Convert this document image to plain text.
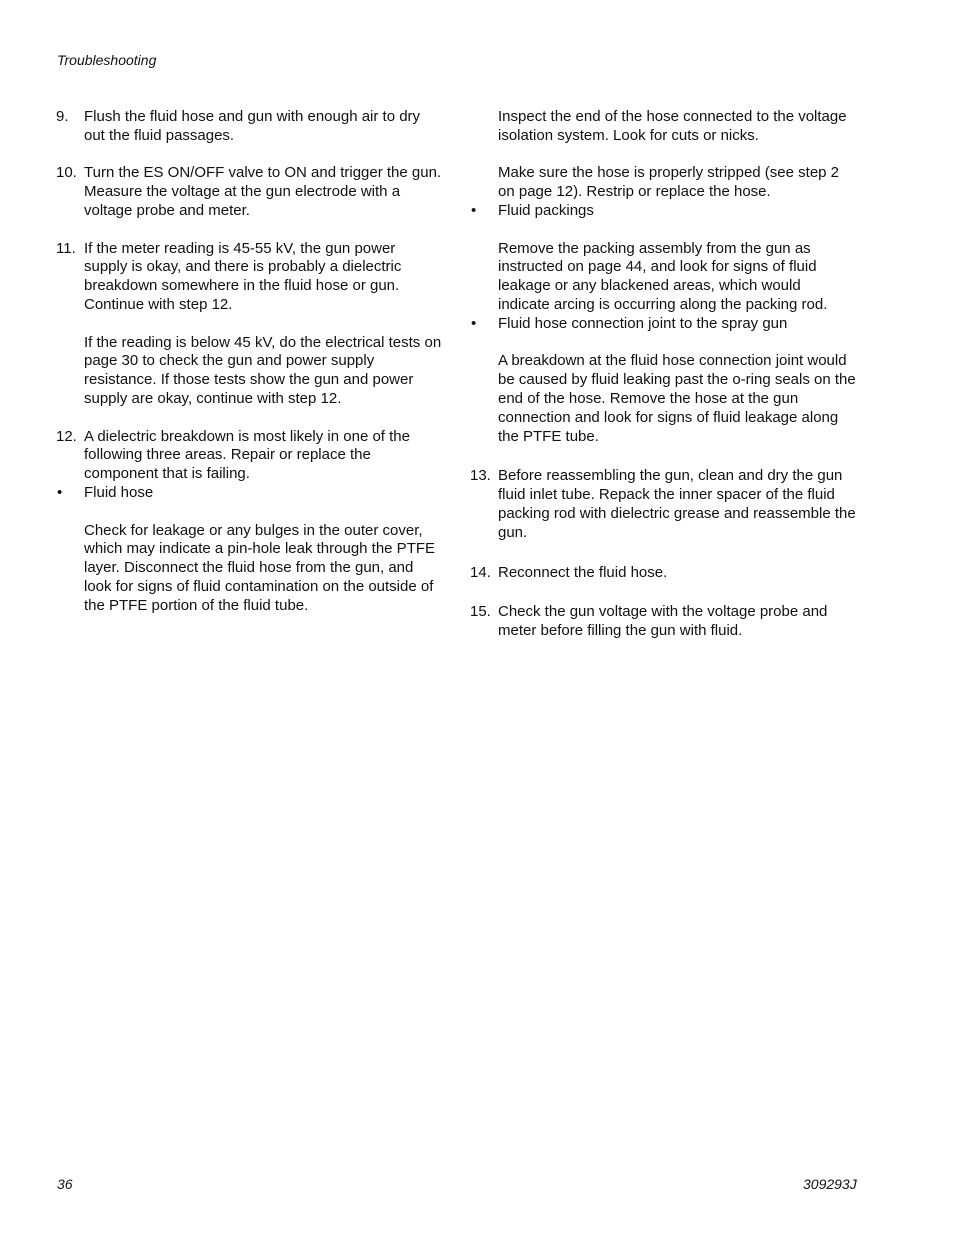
Troubleshooting
9. Flush the fluid hose and gun with enough air to dry out the fluid passages.

10. Turn the ES ON/OFF valve to ON and trigger the gun. Measure the voltage at the gun electrode with a voltage probe and meter.

11. If the meter reading is 45-55 kV, the gun power supply is okay, and there is probably a dielectric breakdown somewhere in the fluid hose or gun. Continue with step 12.

If the reading is below 45 kV, do the electrical tests on page 30 to check the gun and power supply resistance. If those tests show the gun and power supply are okay, continue with step 12.

12. A dielectric breakdown is most likely in one of the following three areas. Repair or replace the component that is failing.

• Fluid hose

Check for leakage or any bulges in the outer cover, which may indicate a pin-hole leak through the PTFE layer. Disconnect the fluid hose from the gun, and look for signs of fluid contamination on the outside of the PTFE portion of the fluid tube.

Inspect the end of the hose connected to the voltage isolation system. Look for cuts or nicks.

Make sure the hose is properly stripped (see step 2 on page 12). Restrip or replace the hose.

• Fluid packings

Remove the packing assembly from the gun as instructed on page 44, and look for signs of fluid leakage or any blackened areas, which would indicate arcing is occurring along the packing rod.

• Fluid hose connection joint to the spray gun

A breakdown at the fluid hose connection joint would be caused by fluid leaking past the o-ring seals on the end of the hose. Remove the hose at the gun connection and look for signs of fluid leakage along the PTFE tube.

13. Before reassembling the gun, clean and dry the gun fluid inlet tube. Repack the inner spacer of the fluid packing rod with dielectric grease and reassemble the gun.

14. Reconnect the fluid hose.

15. Check the gun voltage with the voltage probe and meter before filling the gun with fluid.

36	309293J
